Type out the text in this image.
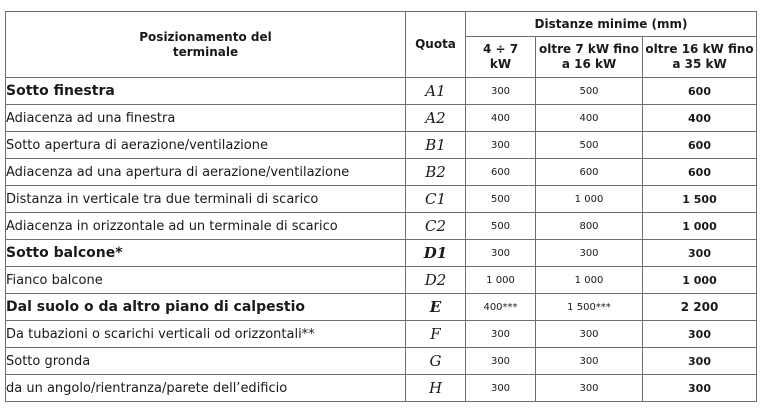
Posizionamento del terminale	Quota	Distanze minime (mm)		
		4 ÷ 7 kW	oltre 7 kW fino a 16 kW	oltre 16 kW fino a 35 kW
Sotto finestra	A1	300	500	600
Adiacenza ad una finestra	A2	400	400	400
Sotto apertura di aerazione/ventilazione	B1	300	500	600
Adiacenza ad una apertura di aerazione/ventilazione	B2	600	600	600
Distanza in verticale tra due terminali di scarico	C1	500	1 000	1 500
Adiacenza in orizzontale ad un terminale di scarico	C2	500	800	1 000
Sotto balcone*	D1	300	300	300
Fianco balcone	D2	1 000	1 000	1 000
Dal suolo o da altro piano di calpestio	E	400***	1 500***	2 200
Da tubazioni o scarichi verticali od orizzontali**	F	300	300	300
Sotto gronda	G	300	300	300
da un angolo/rientranza/parete dell’edificio	H	300	300	300
